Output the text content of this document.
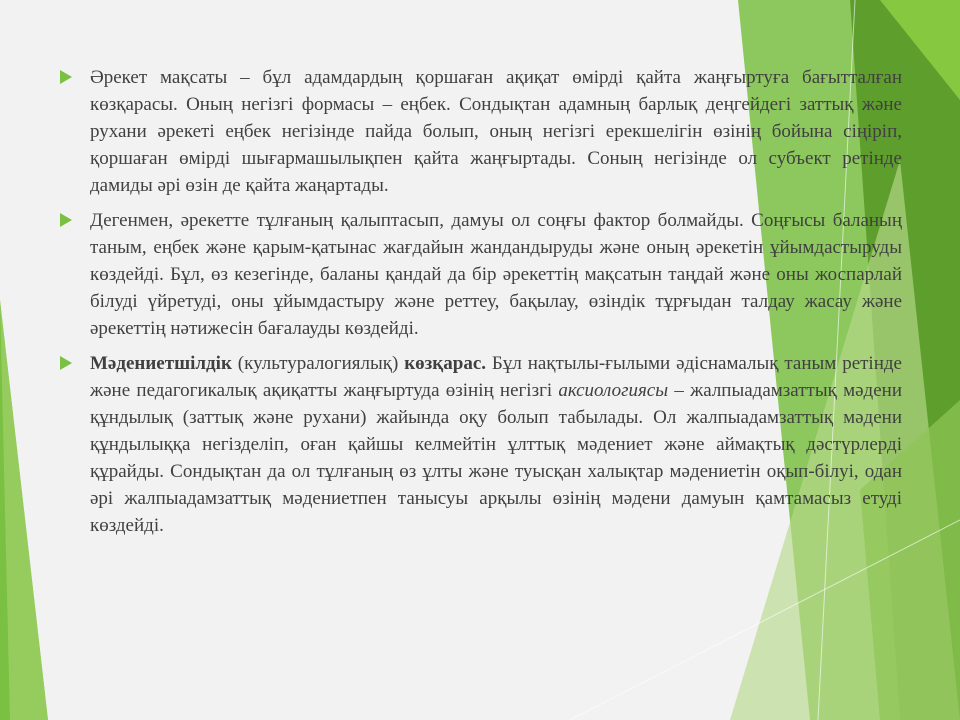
Әрекет мақсаты – бұл адамдардың қоршаған ақиқат өмірді қайта жаңғыртуға бағытталған көзқарасы. Оның негізгі формасы – еңбек. Сондықтан адамның барлық деңгейдегі заттық және рухани әрекеті еңбек негізінде пайда болып, оның негізгі ерекшелігін өзінің бойына сіңіріп, қоршаған өмірді шығармашылықпен қайта жаңғыртады. Соның негізінде ол субъект ретінде дамиды әрі өзін де қайта жаңартады.

Дегенмен, әрекетте тұлғаның қалыптасып, дамуы ол соңғы фактор болмайды. Соңғысы баланың таным, еңбек және қарым-қатынас жағдайын жандандыруды және оның әрекетін ұйымдастыруды көздейді. Бұл, өз кезегінде, баланы қандай да бір әрекеттің мақсатын таңдай және оны жоспарлай білуді үйретуді, оны ұйымдастыру және реттеу, бақылау, өзіндік тұрғыдан талдау жасау және әрекеттің нәтижесін бағалауды көздейді.

Мәдениетшілдік (культуралогиялық) көзқарас. Бұл нақтылы-ғылыми әдіснамалық таным ретінде және педагогикалық ақиқатты жаңғыртуда өзінің негізгі аксиологиясы – жалпыадамзаттық мәдени құндылық (заттық және рухани) жайында оқу болып табылады. Ол жалпыадамзаттық мәдени құндылыққа негізделіп, оған қайшы келмейтін ұлттық мәдениет және аймақтық дәстүрлерді құрайды. Сондықтан да ол тұлғаның өз ұлты және туысқан халықтар мәдениетін оқып-білуі, одан әрі жалпыадамзаттық мәдениетпен танысуы арқылы өзінің мәдени дамуын қамтамасыз етуді көздейді.
